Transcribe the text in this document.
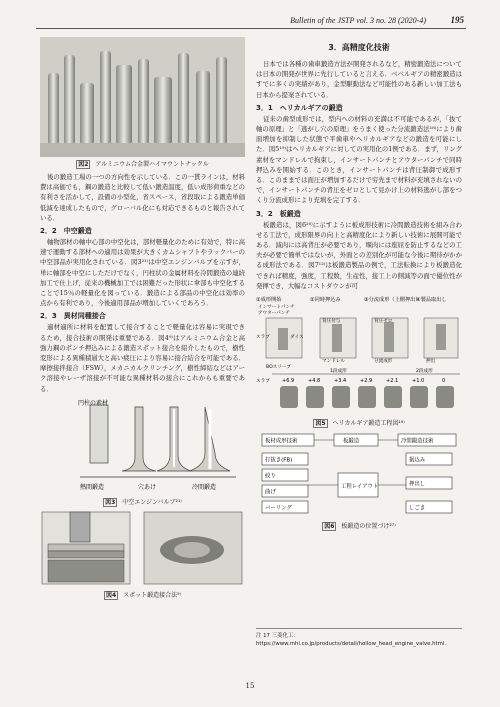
Bulletin of the JSTP vol. 3 no. 28 (2020-4)	195
図2 アルミニウム合金製ハイマウントナックル

後の鍛造工場の一つの方向性を示している．この一貫ラインは，材料費は高価でも，鋼の鍛造と比較して低い鍛造温度，低い成形荷重などの有利さを活かして，設備の小型化，省スペース，省段取による鍛造単価低減を達成したもので，グローバル化にも対応できるものと報告されている．

2．2　中空鍛造

軸物部材の軸中心部の中空化は，部材軽量化のために有効で，特に高速で運動する部材への適用は効果が大きくカムシャフトやラックバーの中空部品が実用化されている．図3²¹⁾は中空エンジンバルブを示すが，単に軸部を中空にしただけでなく，円柱状の金属材料を冷間鍛造の連続加工で仕上げ，従来の機械加工では困難だった形状に傘部も中空化することで15％の軽量化を図っている．鍛造による部品の中空化は効率の点から有利であり，今後適用部品が増加していくであろう．

2．3　異材同種接合

適材適所に材料を配置して接合することで軽量化は容易に実現できるため，接合技術の開発は重要である．図4⁹⁾はアルミニウム合金と高強力鋼のポンチ押込みによる鍛造スポット接合を紹介したもので，樹性変形による異種積層大と高い疲圧により容易に接合結合を可能である．摩擦接拌接合（FSW），メカニカルクリンチング，樹性締結などはアーク溶接やレーザ溶接が不可能な異種材料の接合にこれからも重要である．

円柱の素材
熱間鍛造	穴あけ	冷間鍛造
図3 中空エンジンバルブ²¹⁾
図4 スポット鍛造接合法⁹⁾
3．高精度化技術

日本では各種の歯車鍛造方法が開発されるなど，精密鍛造法については日本の開発が世界に先行していると言える．ベベルギアの精密鍛造はすでに多くの実績があり，金型駆動法など可能性のある新しい加工法も日本から提案されている．

3．1　ヘリカルギアの鍛造

従来の歯型成形では，型内への材料の充満は不可能であるが，「抜て軸の原理」と「逃がし穴の原理」をうまく使った分流鍛造法¹⁸⁾により歯面増加を抑制した状態で平歯車やヘリカルギアなどの鍛造を可能にした．図5¹⁹⁾はヘリカルギアに対しての実用化の1例である．まず，リング素材をマンドレルで拘束し，インサートパンチとアウターパンチで同時押込みを開始する．このとき，インサートパンチは背圧制御で成形する．このままでは面圧が増加するだけで穷先まで材料が充填されないので，インサートパンチの背圧をゼロとして見かけ上の材料逃がし部をつくり分流成形により充填を完了する．

3．2　板鍛造

板鍛造は，図6²⁰⁾に示すように板成形技術に冷間鍛造技術を組み合わせる工法で，成形限界の向上と高精度化により新しい技術に展開可能である．減肉には高背圧が必要であり，堰肉には座屈を防止するなどの工夫が必要で簡単ではないが，外面との差別化が可能な今後に期待がかかる成形法である．図7¹²⁾は板鍛造製品の例で，工法転換により板鍛造化できれば精度，強度，工程数，生産性，接工上の側減等の面で優位性が発揮でき，大幅なコストダウンが可

①成形開始	②同時押込み	③分流成形（上側押出）
④製品取出し
インサートパンチ
アウターパンチ
スラブ	ダイス
背圧付与
マンドレル
背圧ゼロ
分流成形
BOスリーブ
押出
1段成形	2段成形
スラブ +6.9	+4.8	+3.4	+2.9	+2.1	+1.0	0
図5 ヘリカルギア鍛造工程図¹⁹⁾
板材成形技術	板鍛造	冷間鍛造技術
打抜き(FB)
絞り
曲げ
バーリング
工程レイアウト
据込み
押出し
しごき
図6 板鍛造の位置づけ²⁷⁾
注 17 三菱化工：https://www.mhi.co.jp/products/detail/hollow_head_engine_valve.html.
15
